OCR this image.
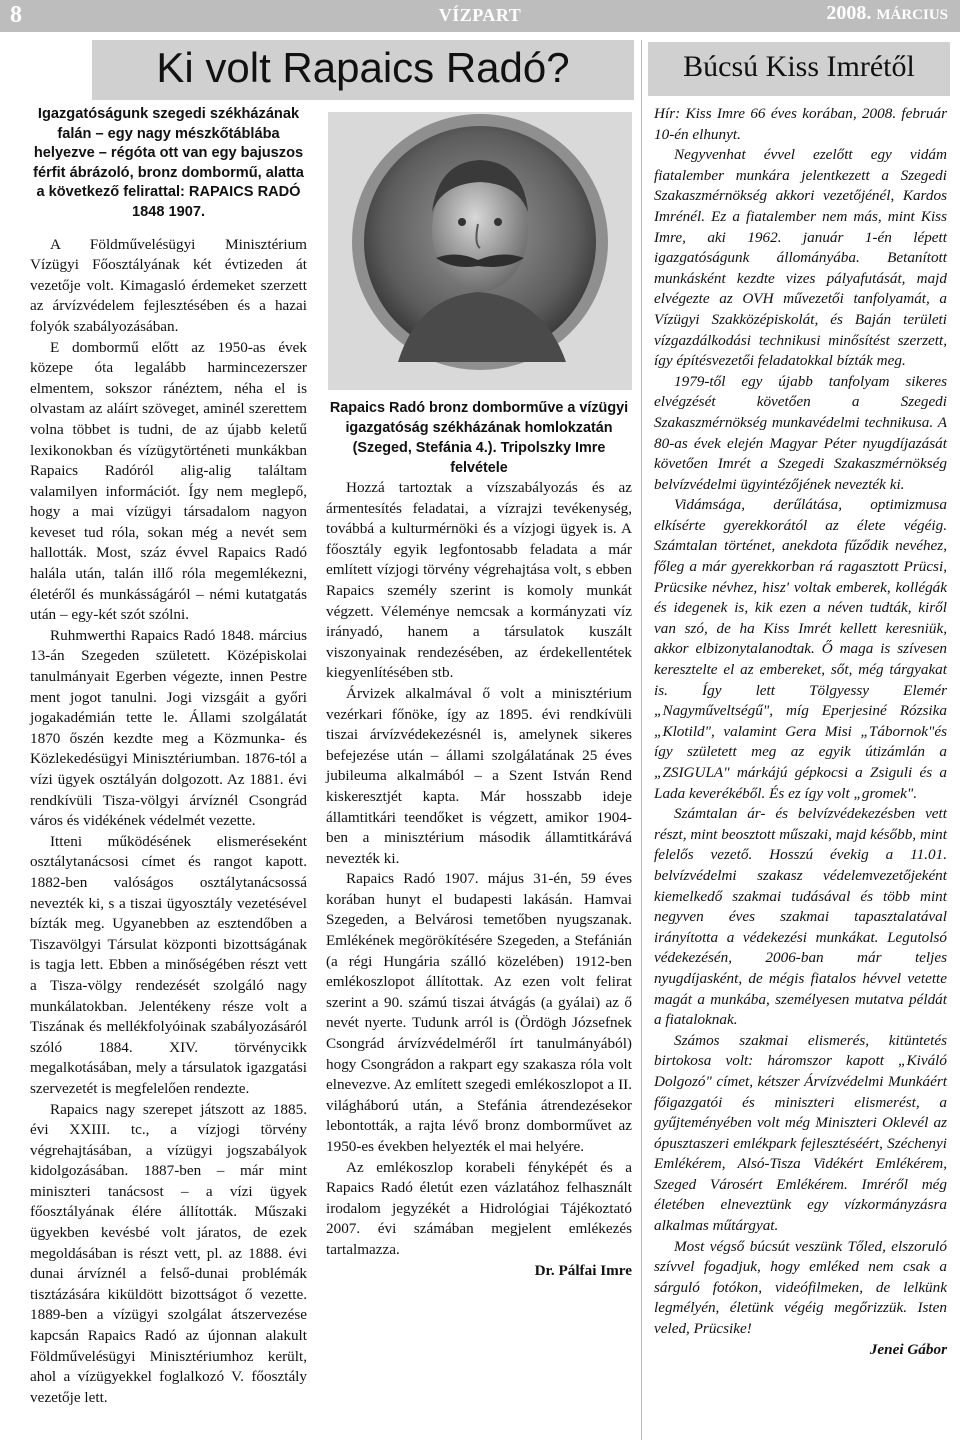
8	VÍZPART	2008. MÁRCIUS
Ki volt Rapaics Radó?

Igazgatóságunk szegedi székházának falán – egy nagy mészkőtáblába helyezve – régóta ott van egy bajuszos férfit ábrázoló, bronz dombormű, alatta a következő felirattal: RAPAICS RADÓ 1848 1907.

A Földművelésügyi Minisztérium Vízügyi Főosztályának két évtizeden át vezetője volt. Kimagasló érdemeket szerzett az árvízvédelem fejlesztésében és a hazai folyók szabályozásában.

E dombormű előtt az 1950-as évek közepe óta legalább harmincezerszer elmentem, sokszor ránéztem, néha el is olvastam az aláírt szöveget, aminél szerettem volna többet is tudni, de az újabb keletű lexikonokban és vízügytörténeti munkákban Rapaics Radóról alig-alig találtam valamilyen információt. Így nem meglepő, hogy a mai vízügyi társadalom nagyon keveset tud róla, sokan még a nevét sem hallották. Most, száz évvel Rapaics Radó halála után, talán illő róla megemlékezni, életéről és munkásságáról – némi kutatgatás után – egy-két szót szólni.

Ruhmwerthi Rapaics Radó 1848. március 13-án Szegeden született. Középiskolai tanulmányait Egerben végezte, innen Pestre ment jogot tanulni. Jogi vizsgáit a győri jogakadémián tette le. Állami szolgálatát 1870 őszén kezdte meg a Közmunka- és Közlekedésügyi Minisztériumban. 1876-tól a vízi ügyek osztályán dolgozott. Az 1881. évi rendkívüli Tisza-völgyi árvíznél Csongrád város és vidékének védelmét vezette.

Itteni működésének elismeréseként osztálytanácsosi címet és rangot kapott. 1882-ben valóságos osztálytanácsossá nevezték ki, s a tiszai ügyosztály vezetésével bízták meg. Ugyanebben az esztendőben a Tiszavölgyi Társulat központi bizottságának is tagja lett. Ebben a minőségében részt vett a Tisza-völgy rendezését szolgáló nagy munkálatokban. Jelentékeny része volt a Tiszának és mellékfolyóinak szabályozásáról szóló 1884. XIV. törvénycikk megalkotásában, mely a társulatok igazgatási szervezetét is megfelelően rendezte.

Rapaics nagy szerepet játszott az 1885. évi XXIII. tc., a vízjogi törvény végrehajtásában, a vízügyi jogszabályok kidolgozásában. 1887-ben – már mint miniszteri tanácsost – a vízi ügyek főosztályának élére állították. Műszaki ügyekben kevésbé volt járatos, de ezek megoldásában is részt vett, pl. az 1888. évi dunai árvíznél a felső-dunai problémák tisztázására kiküldött bizottságot ő vezette. 1889-ben a vízügyi szolgálat átszervezése kapcsán Rapaics Radó az újonnan alakult Földművelésügyi Minisztériumhoz került, ahol a vízügyekkel foglalkozó V. főosztály vezetője lett.

Rapaics Radó bronz domborműve a vízügyi igazgatóság székházának homlokzatán (Szeged, Stefánia 4.). Tripolszky Imre felvétele

Hozzá tartoztak a vízszabályozás és az ármentesítés feladatai, a vízrajzi tevékenység, továbbá a kulturmérnöki és a vízjogi ügyek is. A főosztály egyik legfontosabb feladata a már említett vízjogi törvény végrehajtása volt, s ebben Rapaics személy szerint is komoly munkát végzett. Véleménye nemcsak a kormányzati víz irányadó, hanem a társulatok kuszált viszonyainak rendezésében, az érdekellentétek kiegyenlítésében stb.

Árvizek alkalmával ő volt a minisztérium vezérkari főnöke, így az 1895. évi rendkívüli tiszai árvízvédekezésnél is, amelynek sikeres befejezése után – állami szolgálatának 25 éves jubileuma alkalmából – a Szent István Rend kiskeresztjét kapta. Már hosszabb ideje államtitkári teendőket is végzett, amikor 1904-ben a minisztérium második államtitkárává nevezték ki.

Rapaics Radó 1907. május 31-én, 59 éves korában hunyt el budapesti lakásán. Hamvai Szegeden, a Belvárosi temetőben nyugszanak. Emlékének megörökítésére Szegeden, a Stefánián (a régi Hungária szálló közelében) 1912-ben emlékoszlopot állítottak. Az ezen volt felirat szerint a 90. számú tiszai átvágás (a gyálai) az ő nevét nyerte. Tudunk arról is (Ördögh Józsefnek Csongrád árvízvédelméről írt tanulmányából) hogy Csongrádon a rakpart egy szakasza róla volt elnevezve. Az említett szegedi emlékoszlopot a II. világháború után, a Stefánia átrendezésekor lebontották, a rajta lévő bronz domborművet az 1950-es években helyezték el mai helyére.

Az emlékoszlop korabeli fényképét és a Rapaics Radó életút ezen vázlatához felhasznált irodalom jegyzékét a Hidrológiai Tájékoztató 2007. évi számában megjelent emlékezés tartalmazza.

Dr. Pálfai Imre

Búcsú Kiss Imrétől

Hír: Kiss Imre 66 éves korában, 2008. február 10-én elhunyt.

Negyvenhat évvel ezelőtt egy vidám fiatalember munkára jelentkezett a Szegedi Szakaszmérnökség akkori vezetőjénél, Kardos Imrénél. Ez a fiatalember nem más, mint Kiss Imre, aki 1962. január 1-én lépett igazgatóságunk állományába. Betanított munkásként kezdte vizes pályafutását, majd elvégezte az OVH művezetői tanfolyamát, a Vízügyi Szakközépiskolát, és Baján területi vízgazdálkodási technikusi minősítést szerzett, így építésvezetői feladatokkal bízták meg.

1979-től egy újabb tanfolyam sikeres elvégzését követően a Szegedi Szakaszmérnökség munkavédelmi technikusa. A 80-as évek elején Magyar Péter nyugdíjazását követően Imrét a Szegedi Szakaszmérnökség belvízvédelmi ügyintézőjének nevezték ki.

Vidámsága, derűlátása, optimizmusa elkísérte gyerekkorától az élete végéig. Számtalan történet, anekdota fűződik nevéhez, főleg a már gyerekkorban rá ragasztott Prücsi, Prücsike névhez, hisz' voltak emberek, kollégák és idegenek is, kik ezen a néven tudták, kiről van szó, de ha Kiss Imrét kellett keresniük, akkor elbizonytalanodtak. Ő maga is szívesen keresztelte el az embereket, sőt, még tárgyakat is. Így lett Tölgyessy Elemér „Nagyműveltségű", míg Eperjesiné Rózsika „Klotild", valamint Gera Misi „Tábornok"és így született meg az egyik útizámlán a „ZSIGULA" márkájú gépkocsi a Zsiguli és a Lada keverékéből. És ez így volt „gromek".

Számtalan ár- és belvízvédekezésben vett részt, mint beosztott műszaki, majd később, mint felelős vezető. Hosszú évekig a 11.01. belvízvédelmi szakasz védelemvezetőjeként kiemelkedő szakmai tudásával és több mint negyven éves szakmai tapasztalatával irányította a védekezési munkákat. Legutolsó védekezésén, 2006-ban már teljes nyugdíjasként, de mégis fiatalos hévvel vetette magát a munkába, személyesen mutatva példát a fiataloknak.

Számos szakmai elismerés, kitüntetés birtokosa volt: háromszor kapott „Kiváló Dolgozó" címet, kétszer Árvízvédelmi Munkáért főigazgatói és miniszteri elismerést, a gyűjteményében volt még Miniszteri Oklevél az ópusztaszeri emlékpark fejlesztéséért, Széchenyi Emlékérem, Alsó-Tisza Vidékért Emlékérem, Szeged Városért Emlékérem. Imréről még életében elneveztünk egy vízkormányzásra alkalmas műtárgyat.

Most végső búcsút veszünk Tőled, elszoruló szívvel fogadjuk, hogy emléked nem csak a sárguló fotókon, videófilmeken, de lelkünk legmélyén, életünk végéig megőrizzük. Isten veled, Prücsike!

Jenei Gábor
